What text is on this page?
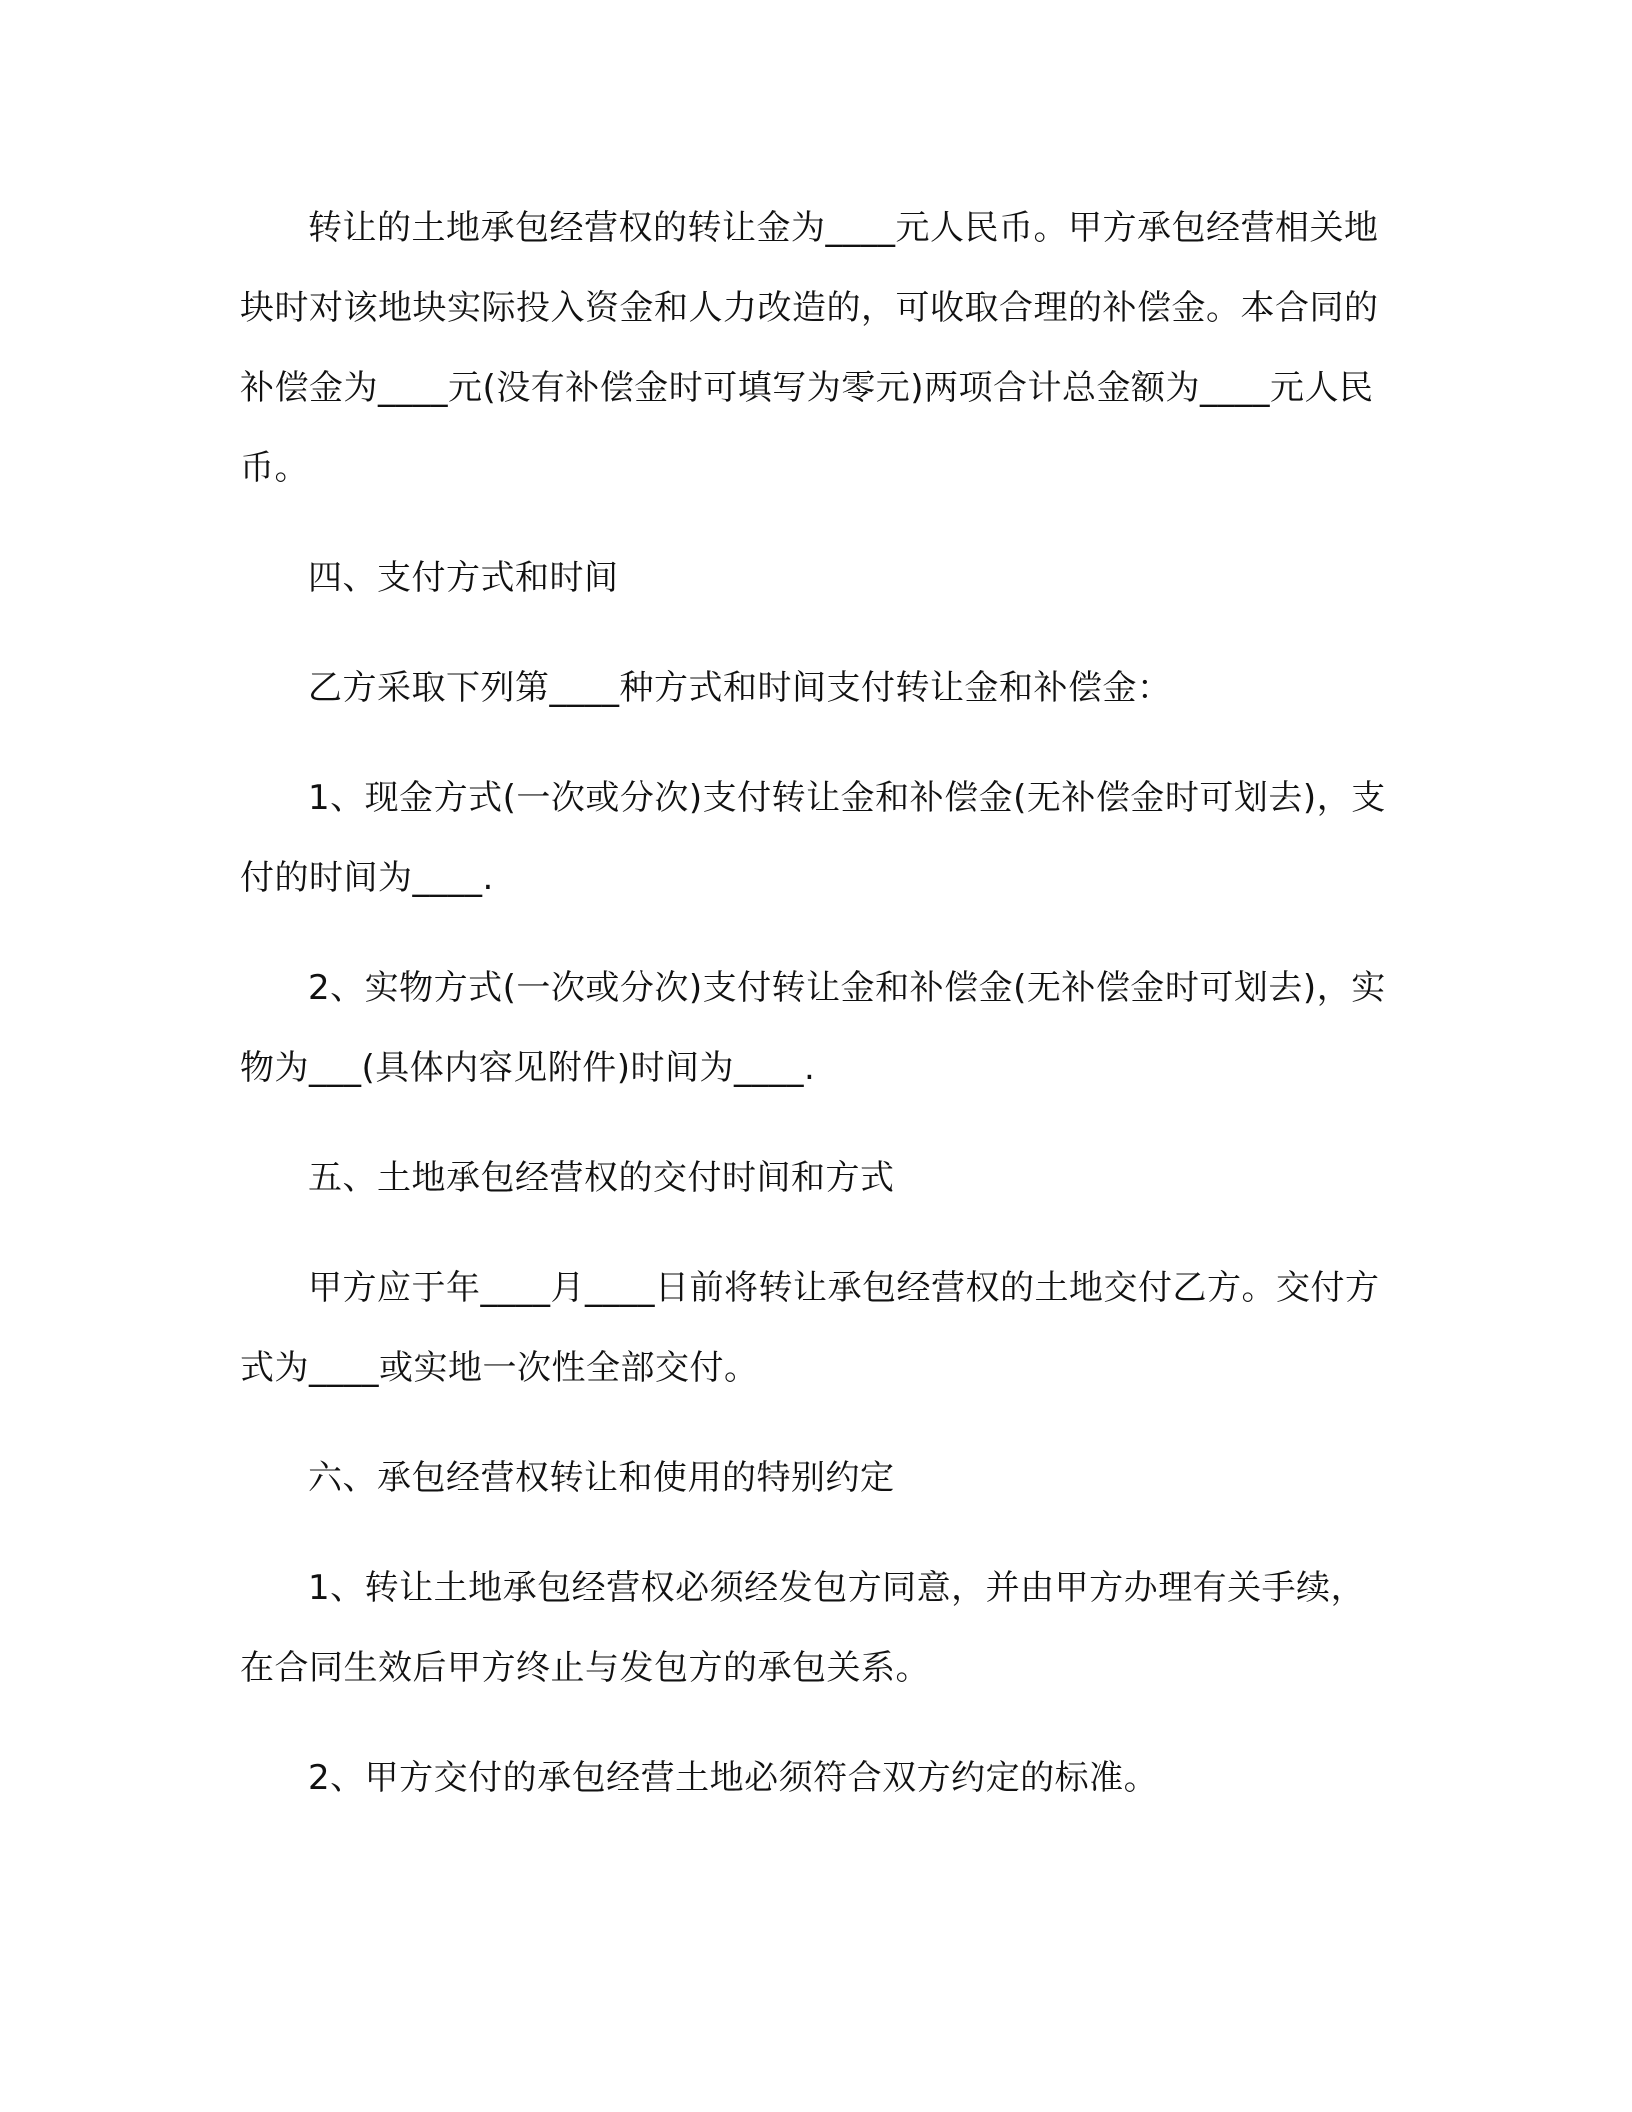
转让的土地承包经营权的转让金为____元人民币。甲方承包经营相关地块时对该地块实际投入资金和人力改造的，可收取合理的补偿金。本合同的补偿金为____元(没有补偿金时可填写为零元)两项合计总金额为____元人民币。

四、支付方式和时间

乙方采取下列第____种方式和时间支付转让金和补偿金：

1、现金方式(一次或分次)支付转让金和补偿金(无补偿金时可划去)，支付的时间为____.

2、实物方式(一次或分次)支付转让金和补偿金(无补偿金时可划去)，实物为___(具体内容见附件)时间为____.

五、土地承包经营权的交付时间和方式

甲方应于年____月____日前将转让承包经营权的土地交付乙方。交付方式为____或实地一次性全部交付。

六、承包经营权转让和使用的特别约定

1、转让土地承包经营权必须经发包方同意，并由甲方办理有关手续，在合同生效后甲方终止与发包方的承包关系。

2、甲方交付的承包经营土地必须符合双方约定的标准。
